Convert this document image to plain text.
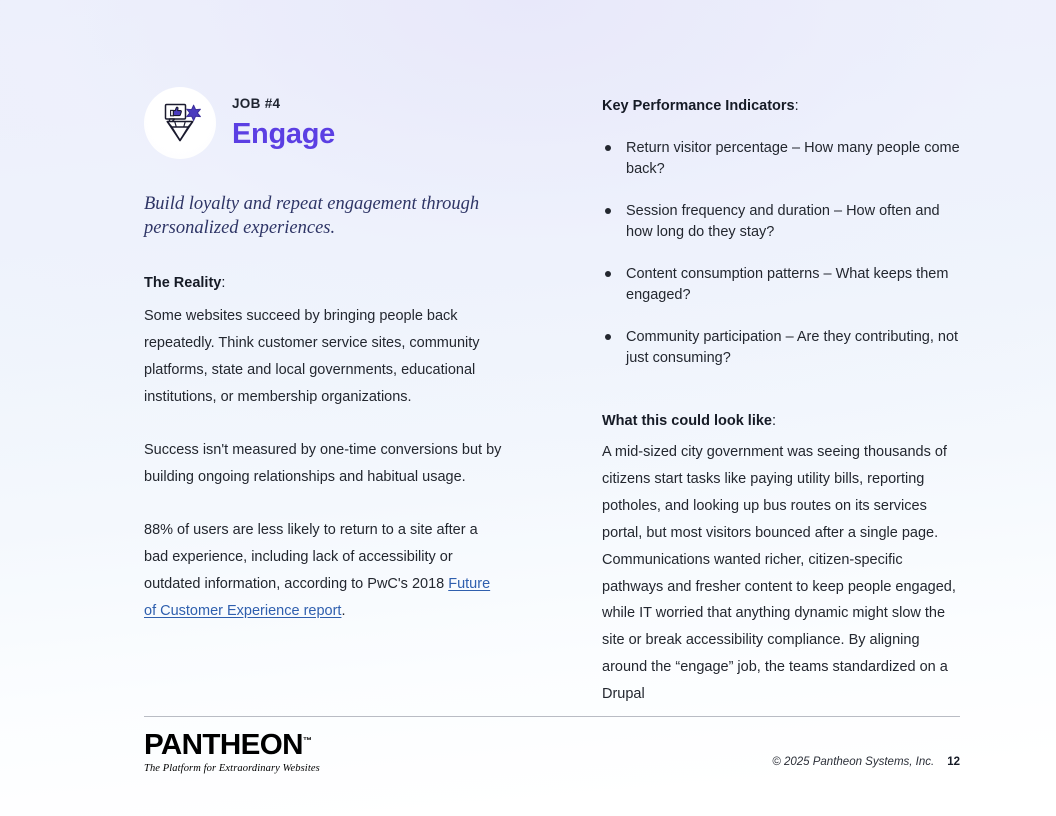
JOB #4
Engage
Build loyalty and repeat engagement through personalized experiences.
The Reality:

Some websites succeed by bringing people back repeatedly. Think customer service sites, community platforms, state and local governments, educational institutions, or membership organizations.

Success isn't measured by one-time conversions but by building ongoing relationships and habitual usage.

88% of users are less likely to return to a site after a bad experience, including lack of accessibility or outdated information, according to PwC's 2018 Future of Customer Experience report.

Key Performance Indicators:
Return visitor percentage – How many people come back?
Session frequency and duration – How often and how long do they stay?
Content consumption patterns – What keeps them engaged?
Community participation – Are they contributing, not just consuming?
What this could look like:

A mid-sized city government was seeing thousands of citizens start tasks like paying utility bills, reporting potholes, and looking up bus routes on its services portal, but most visitors bounced after a single page. Communications wanted richer, citizen-specific pathways and fresher content to keep people engaged, while IT worried that anything dynamic might slow the site or break accessibility compliance. By aligning around the “engage” job, the teams standardized on a Drupal

PANTHEON™
The Platform for Extraordinary Websites
© 2025 Pantheon Systems, Inc. 12
